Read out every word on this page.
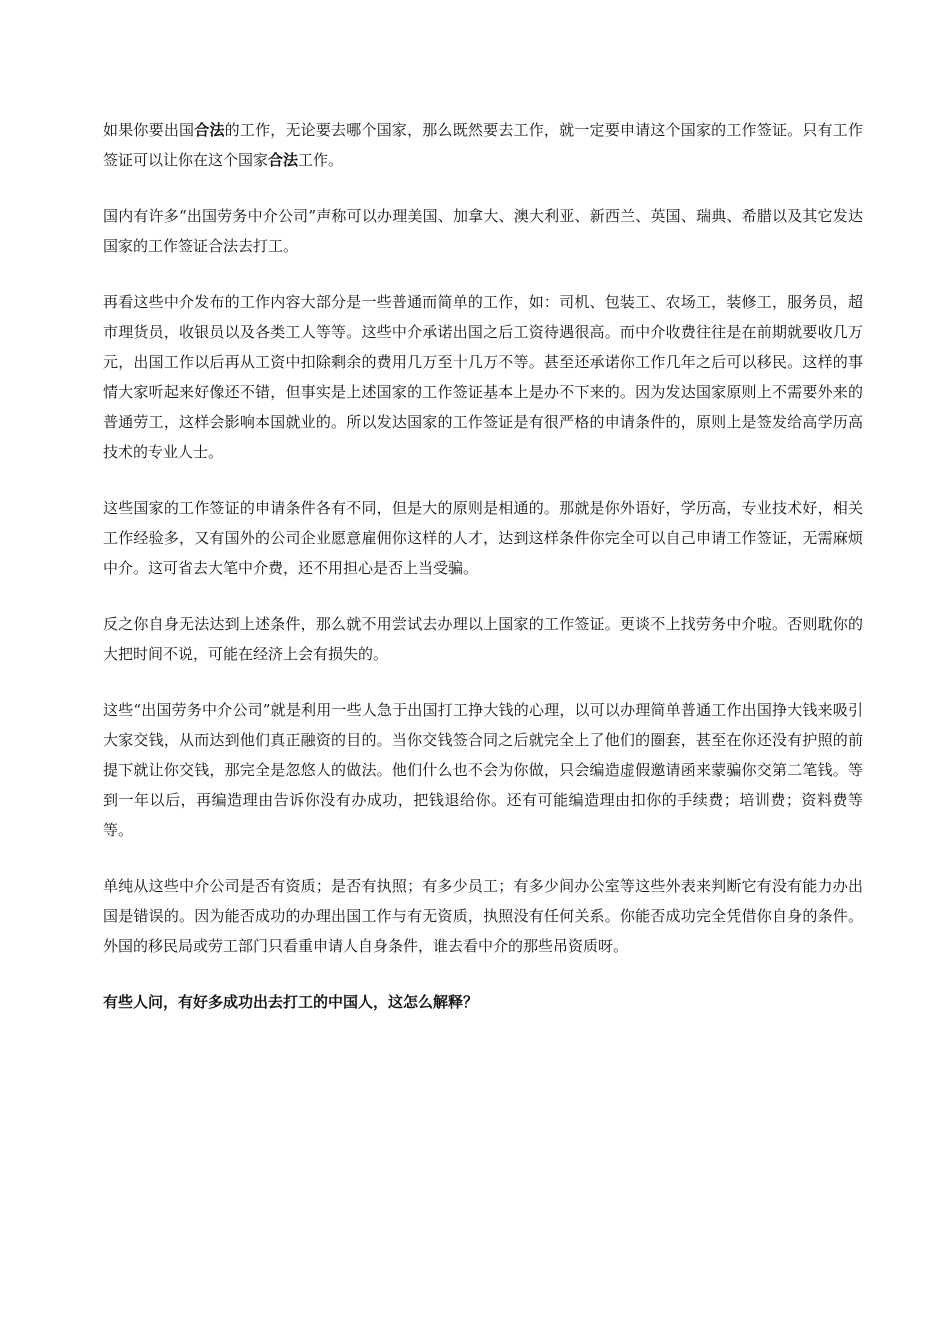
如果你要出国合法的工作，无论要去哪个国家，那么既然要去工作，就一定要申请这个国家的工作签证。只有工作签证可以让你在这个国家合法工作。

国内有许多“出国劳务中介公司”声称可以办理美国、加拿大、澳大利亚、新西兰、英国、瑞典、希腊以及其它发达国家的工作签证合法去打工。

再看这些中介发布的工作内容大部分是一些普通而简单的工作，如：司机、包装工、农场工，装修工，服务员，超市理货员，收银员以及各类工人等等。这些中介承诺出国之后工资待遇很高。而中介收费往往是在前期就要收几万元，出国工作以后再从工资中扣除剩余的费用几万至十几万不等。甚至还承诺你工作几年之后可以移民。这样的事情大家听起来好像还不错，但事实是上述国家的工作签证基本上是办不下来的。因为发达国家原则上不需要外来的普通劳工，这样会影响本国就业的。所以发达国家的工作签证是有很严格的申请条件的，原则上是签发给高学历高技术的专业人士。

这些国家的工作签证的申请条件各有不同，但是大的原则是相通的。那就是你外语好，学历高，专业技术好，相关工作经验多，又有国外的公司企业愿意雇佣你这样的人才，达到这样条件你完全可以自己申请工作签证，无需麻烦中介。这可省去大笔中介费，还不用担心是否上当受骗。

反之你自身无法达到上述条件，那么就不用尝试去办理以上国家的工作签证。更谈不上找劳务中介啦。否则耽你的大把时间不说，可能在经济上会有损失的。

这些“出国劳务中介公司”就是利用一些人急于出国打工挣大钱的心理，以可以办理简单普通工作出国挣大钱来吸引大家交钱，从而达到他们真正融资的目的。当你交钱签合同之后就完全上了他们的圈套，甚至在你还没有护照的前提下就让你交钱，那完全是忽悠人的做法。他们什么也不会为你做，只会编造虚假邀请函来蒙骗你交第二笔钱。等到一年以后，再编造理由告诉你没有办成功，把钱退给你。还有可能编造理由扣你的手续费；培训费；资料费等等。

单纯从这些中介公司是否有资质；是否有执照；有多少员工；有多少间办公室等这些外表来判断它有没有能力办出国是错误的。因为能否成功的办理出国工作与有无资质，执照没有任何关系。你能否成功完全凭借你自身的条件。外国的移民局或劳工部门只看重申请人自身条件，谁去看中介的那些吊资质呀。

有些人问，有好多成功出去打工的中国人，这怎么解释？
